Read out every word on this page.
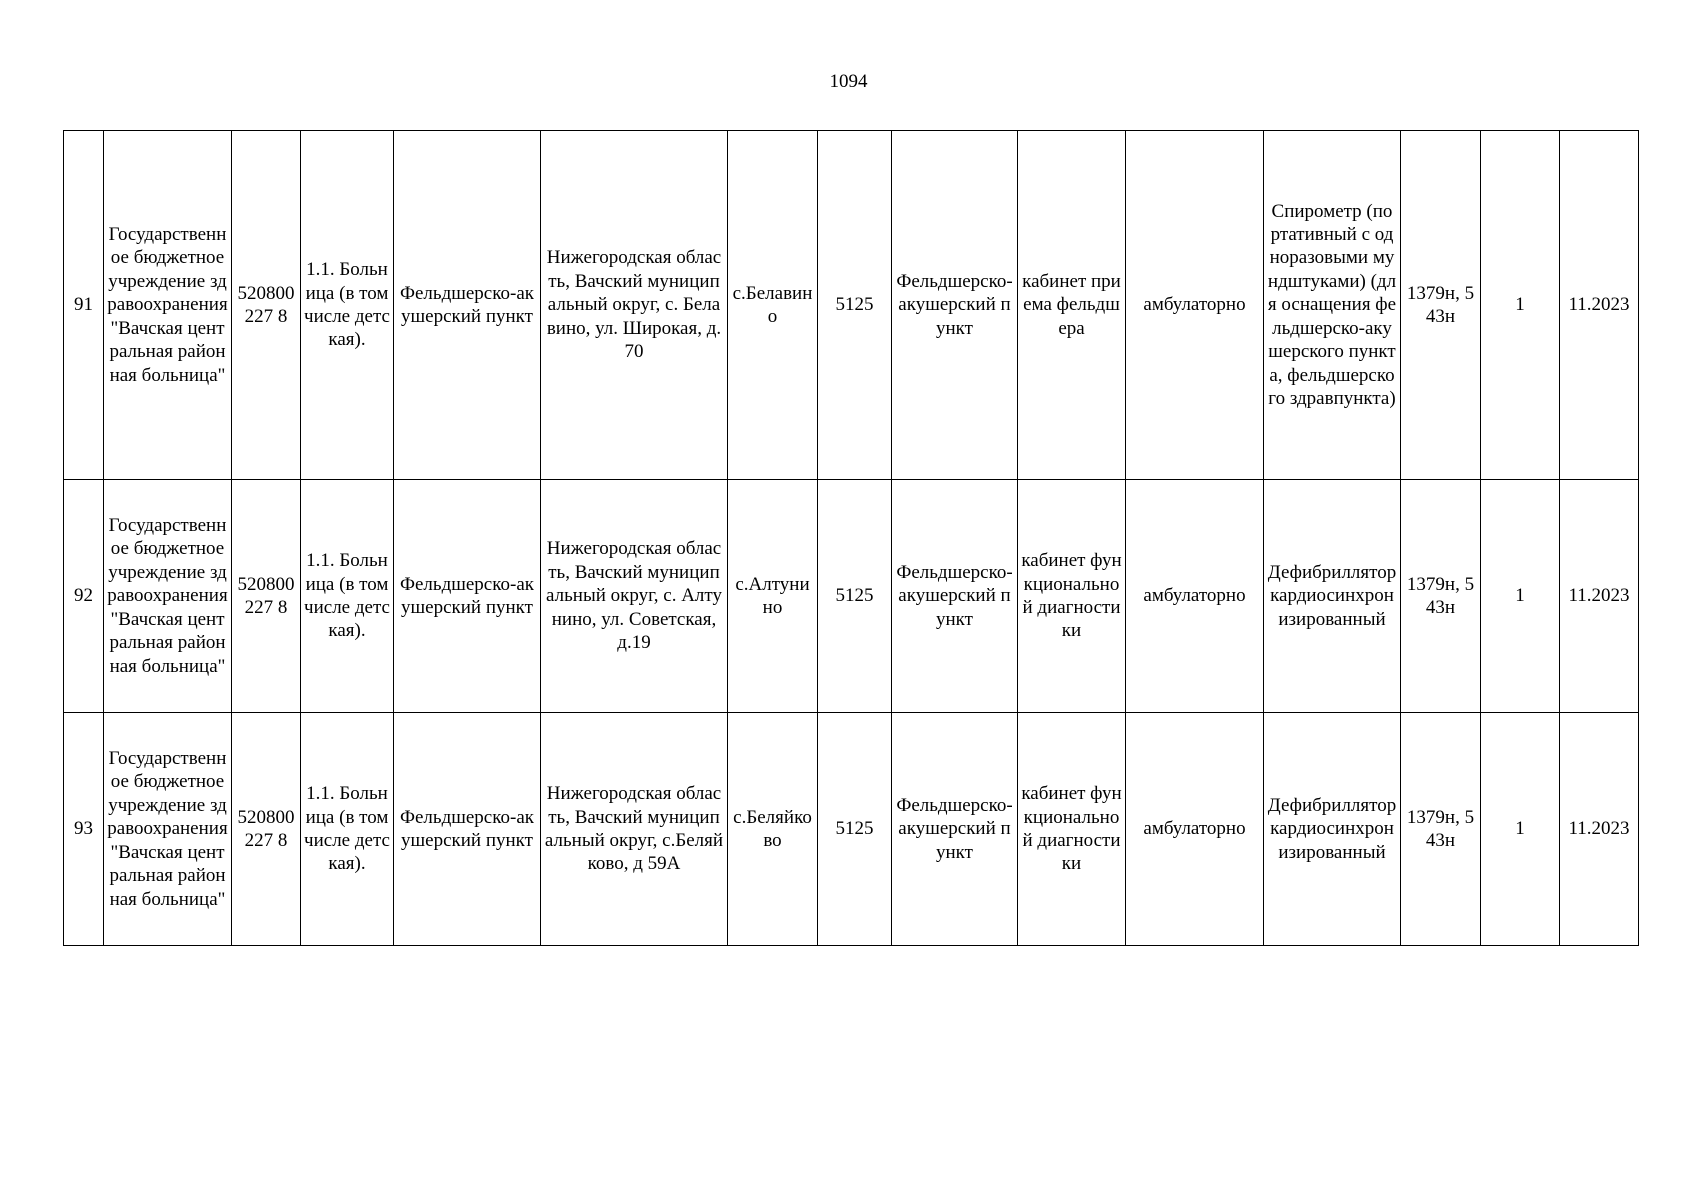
1094
91	Государственное бюджетное учреждение здравоохранения "Вачская центральная районная больница"	520800227 8	1.1. Больница (в том числе детская).	Фельдшерско-акушерский пункт	Нижегородская область, Вачский муниципальный округ, с. Белавино, ул. Широкая, д.70	с.Белавино	5125	Фельдшерско-акушерский пункт	кабинет приема фельдшера	амбулаторно	Спирометр (портативный с одноразовыми мундштуками) (для оснащения фельдшерско-акушерского пункта, фельдшерского здравпункта)	1379н, 543н	1	11.2023
92	Государственное бюджетное учреждение здравоохранения "Вачская центральная районная больница"	520800227 8	1.1. Больница (в том числе детская).	Фельдшерско-акушерский пункт	Нижегородская область, Вачский муниципальный округ, с. Алтунино, ул. Советская, д.19	с.Алтунино	5125	Фельдшерско-акушерский пункт	кабинет функциональной диагностики	амбулаторно	Дефибриллятор кардиосинхронизированный	1379н, 543н	1	11.2023
93	Государственное бюджетное учреждение здравоохранения "Вачская центральная районная больница"	520800227 8	1.1. Больница (в том числе детская).	Фельдшерско-акушерский пункт	Нижегородская область, Вачский муниципальный округ, с.Беляйково, д 59А	с.Беляйково	5125	Фельдшерско-акушерский пункт	кабинет функциональной диагностики	амбулаторно	Дефибриллятор кардиосинхронизированный	1379н, 543н	1	11.2023
